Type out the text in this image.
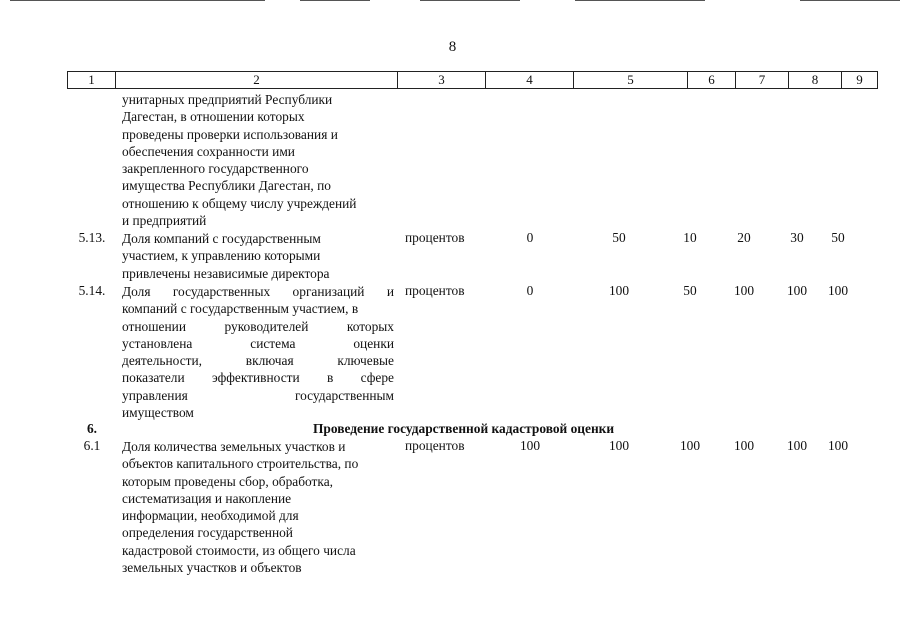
8
1	2	3	4	5	6	7	8	9
унитарных предприятий Республики
Дагестан, в отношении которых
проведены проверки использования и
обеспечения сохранности ими
закрепленного государственного
имущества Республики Дагестан, по
отношению к общему числу учреждений
и предприятий
5.13.	Доля компаний с государственным
участием, к управлению которыми
привлечены независимые директора
процентов	0	50	10	20	30	50
5.14.	Доля государственных организаций и
компаний с государственным участием, в
отношении руководителей которых
установлена система оценки
деятельности, включая ключевые
показатели эффективности в сфере
управления государственным
имуществом
процентов	0	100	50	100	100	100
6.	Проведение государственной кадастровой оценки
6.1	Доля количества земельных участков и
объектов капитального строительства, по
которым проведены сбор, обработка,
систематизация и накопление
информации, необходимой для
определения государственной
кадастровой стоимости, из общего числа
земельных участков и объектов
процентов	100	100	100	100	100	100
